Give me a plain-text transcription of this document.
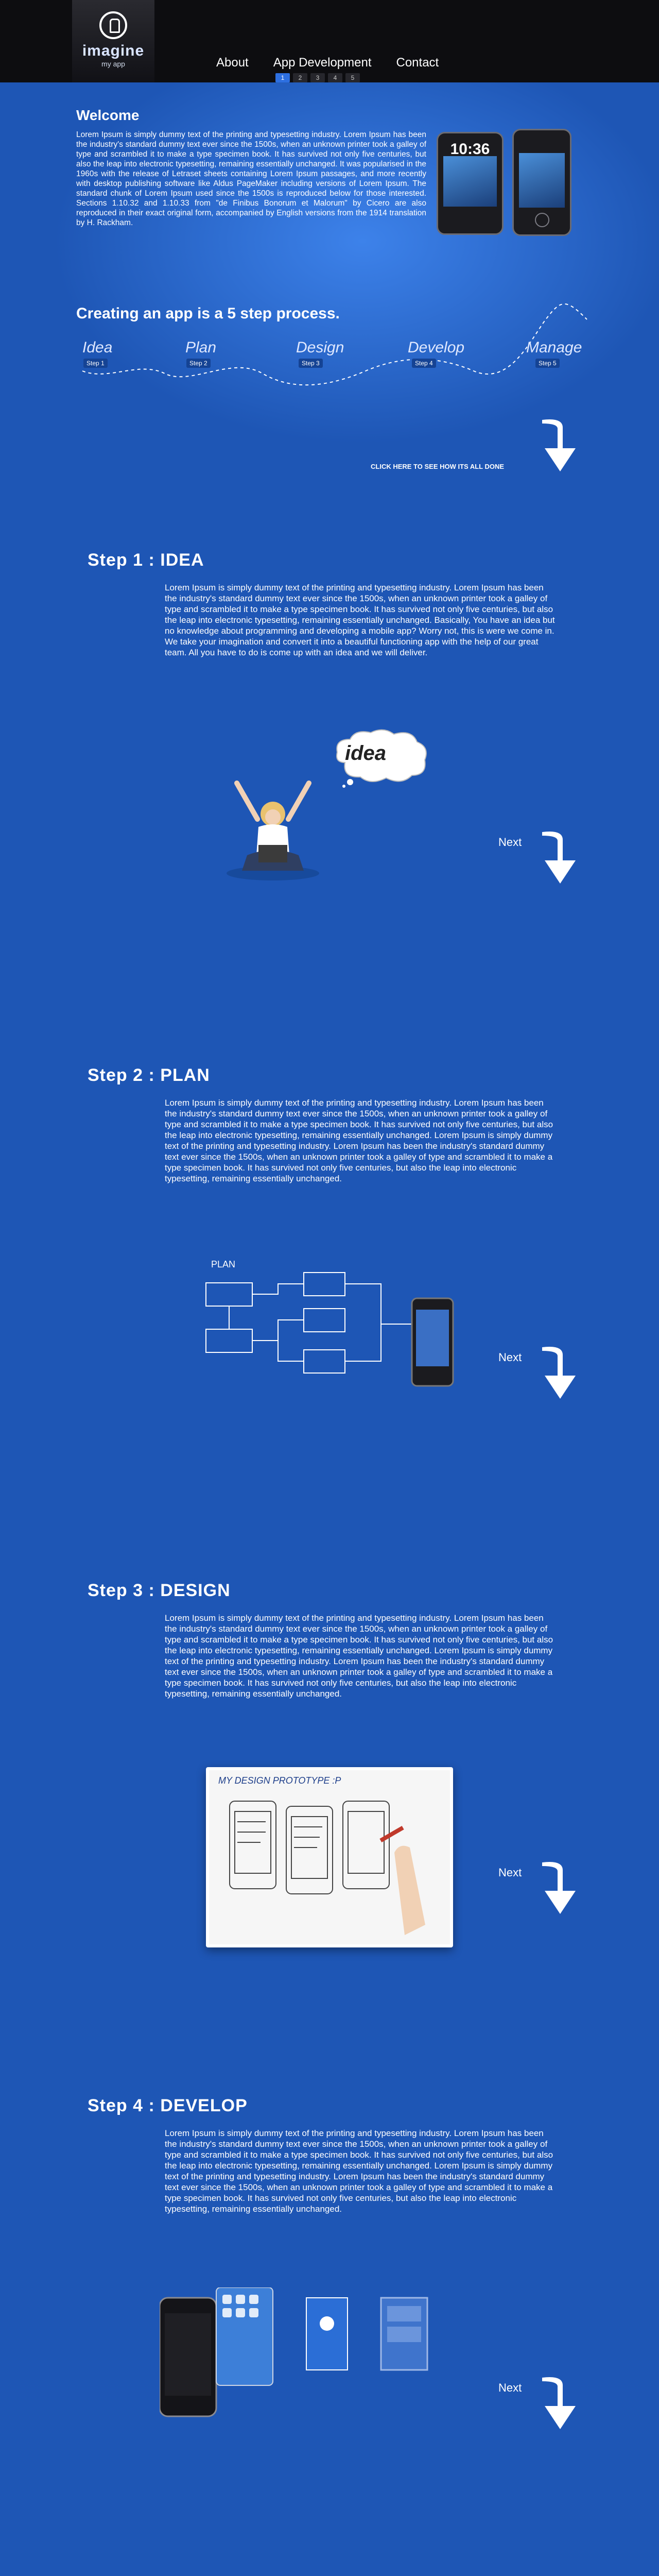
imagine
my app	About App Development Contact
1	2	3	4	5
Welcome

Lorem Ipsum is simply dummy text of the printing and typesetting industry. Lorem Ipsum has been the industry's standard dummy text ever since the 1500s, when an unknown printer took a galley of type and scrambled it to make a type specimen book. It has survived not only five centuries, but also the leap into electronic typesetting, remaining essentially unchanged. It was popularised in the 1960s with the release of Letraset sheets containing Lorem Ipsum passages, and more recently with desktop publishing software like Aldus PageMaker including versions of Lorem Ipsum. The standard chunk of Lorem Ipsum used since the 1500s is reproduced below for those interested. Sections 1.10.32 and 1.10.33 from "de Finibus Bonorum et Malorum" by Cicero are also reproduced in their exact original form, accompanied by English versions from the 1914 translation by H. Rackham.

10:36
Creating an app is a 5 step process.
Idea
Step 1
Plan
Step 2
Design
Step 3
Develop
Step 4
Manage
Step 5
CLICK HERE TO SEE HOW ITS ALL DONE
Step 1 : IDEA

Lorem Ipsum is simply dummy text of the printing and typesetting industry. Lorem Ipsum has been the industry's standard dummy text ever since the 1500s, when an unknown printer took a galley of type and scrambled it to make a type specimen book. It has survived not only five centuries, but also the leap into electronic typesetting, remaining essentially unchanged. Basically, You have an idea but no knowledge about programming and developing a mobile app? Worry not, this is were we come in. We take your imagination and convert it into a beautiful functioning app with the help of our great team. All you have to do is come up with an idea and we will deliver.

idea
Next
Step 2 : PLAN

Lorem Ipsum is simply dummy text of the printing and typesetting industry. Lorem Ipsum has been the industry's standard dummy text ever since the 1500s, when an unknown printer took a galley of type and scrambled it to make a type specimen book. It has survived not only five centuries, but also the leap into electronic typesetting, remaining essentially unchanged. Lorem Ipsum is simply dummy text of the printing and typesetting industry. Lorem Ipsum has been the industry's standard dummy text ever since the 1500s, when an unknown printer took a galley of type and scrambled it to make a type specimen book. It has survived not only five centuries, but also the leap into electronic typesetting, remaining essentially unchanged.

PLAN
Next
Step 3 : DESIGN

Lorem Ipsum is simply dummy text of the printing and typesetting industry. Lorem Ipsum has been the industry's standard dummy text ever since the 1500s, when an unknown printer took a galley of type and scrambled it to make a type specimen book. It has survived not only five centuries, but also the leap into electronic typesetting, remaining essentially unchanged. Lorem Ipsum is simply dummy text of the printing and typesetting industry. Lorem Ipsum has been the industry's standard dummy text ever since the 1500s, when an unknown printer took a galley of type and scrambled it to make a type specimen book. It has survived not only five centuries, but also the leap into electronic typesetting, remaining essentially unchanged.

MY DESIGN PROTOTYPE :P
Next
Step 4 : DEVELOP

Lorem Ipsum is simply dummy text of the printing and typesetting industry. Lorem Ipsum has been the industry's standard dummy text ever since the 1500s, when an unknown printer took a galley of type and scrambled it to make a type specimen book. It has survived not only five centuries, but also the leap into electronic typesetting, remaining essentially unchanged. Lorem Ipsum is simply dummy text of the printing and typesetting industry. Lorem Ipsum has been the industry's standard dummy text ever since the 1500s, when an unknown printer took a galley of type and scrambled it to make a type specimen book. It has survived not only five centuries, but also the leap into electronic typesetting, remaining essentially unchanged.

Next
